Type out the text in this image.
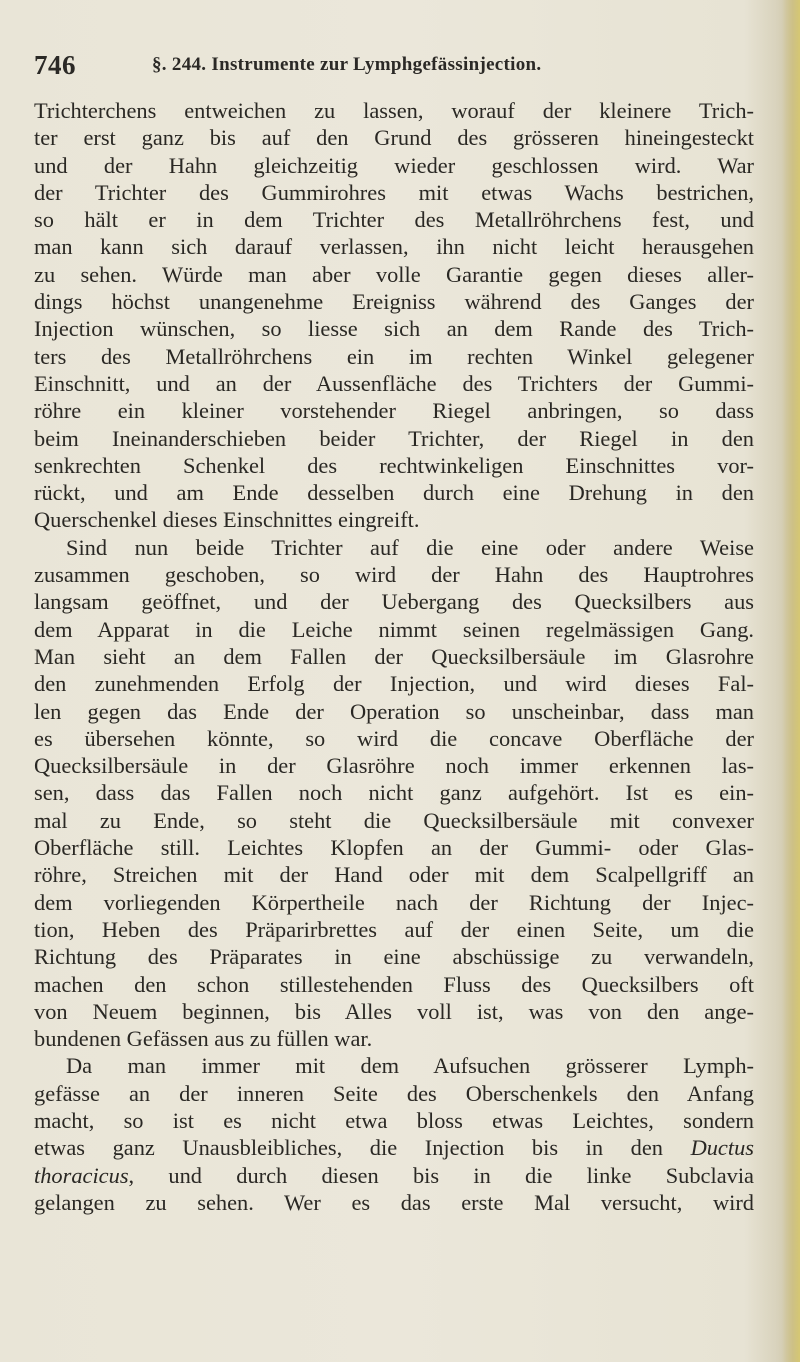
746	§. 244. Instrumente zur Lymphgefässinjection.
Trichterchens entweichen zu lassen, worauf der kleinere Trich-
ter erst ganz bis auf den Grund des grösseren hineingesteckt
und der Hahn gleichzeitig wieder geschlossen wird. War
der Trichter des Gummirohres mit etwas Wachs bestrichen,
so hält er in dem Trichter des Metallröhrchens fest, und
man kann sich darauf verlassen, ihn nicht leicht herausgehen
zu sehen. Würde man aber volle Garantie gegen dieses aller-
dings höchst unangenehme Ereigniss während des Ganges der
Injection wünschen, so liesse sich an dem Rande des Trich-
ters des Metallröhrchens ein im rechten Winkel gelegener
Einschnitt, und an der Aussenfläche des Trichters der Gummi-
röhre ein kleiner vorstehender Riegel anbringen, so dass
beim Ineinanderschieben beider Trichter, der Riegel in den
senkrechten Schenkel des rechtwinkeligen Einschnittes vor-
rückt, und am Ende desselben durch eine Drehung in den
Querschenkel dieses Einschnittes eingreift.
Sind nun beide Trichter auf die eine oder andere Weise
zusammen geschoben, so wird der Hahn des Hauptrohres
langsam geöffnet, und der Uebergang des Quecksilbers aus
dem Apparat in die Leiche nimmt seinen regelmässigen Gang.
Man sieht an dem Fallen der Quecksilbersäule im Glasrohre
den zunehmenden Erfolg der Injection, und wird dieses Fal-
len gegen das Ende der Operation so unscheinbar, dass man
es übersehen könnte, so wird die concave Oberfläche der
Quecksilbersäule in der Glasröhre noch immer erkennen las-
sen, dass das Fallen noch nicht ganz aufgehört. Ist es ein-
mal zu Ende, so steht die Quecksilbersäule mit convexer
Oberfläche still. Leichtes Klopfen an der Gummi- oder Glas-
röhre, Streichen mit der Hand oder mit dem Scalpellgriff an
dem vorliegenden Körpertheile nach der Richtung der Injec-
tion, Heben des Präparirbrettes auf der einen Seite, um die
Richtung des Präparates in eine abschüssige zu verwandeln,
machen den schon stillestehenden Fluss des Quecksilbers oft
von Neuem beginnen, bis Alles voll ist, was von den ange-
bundenen Gefässen aus zu füllen war.
Da man immer mit dem Aufsuchen grösserer Lymph-
gefässe an der inneren Seite des Oberschenkels den Anfang
macht, so ist es nicht etwa bloss etwas Leichtes, sondern
etwas ganz Unausbleibliches, die Injection bis in den Ductus
thoracicus, und durch diesen bis in die linke Subclavia
gelangen zu sehen. Wer es das erste Mal versucht, wird
